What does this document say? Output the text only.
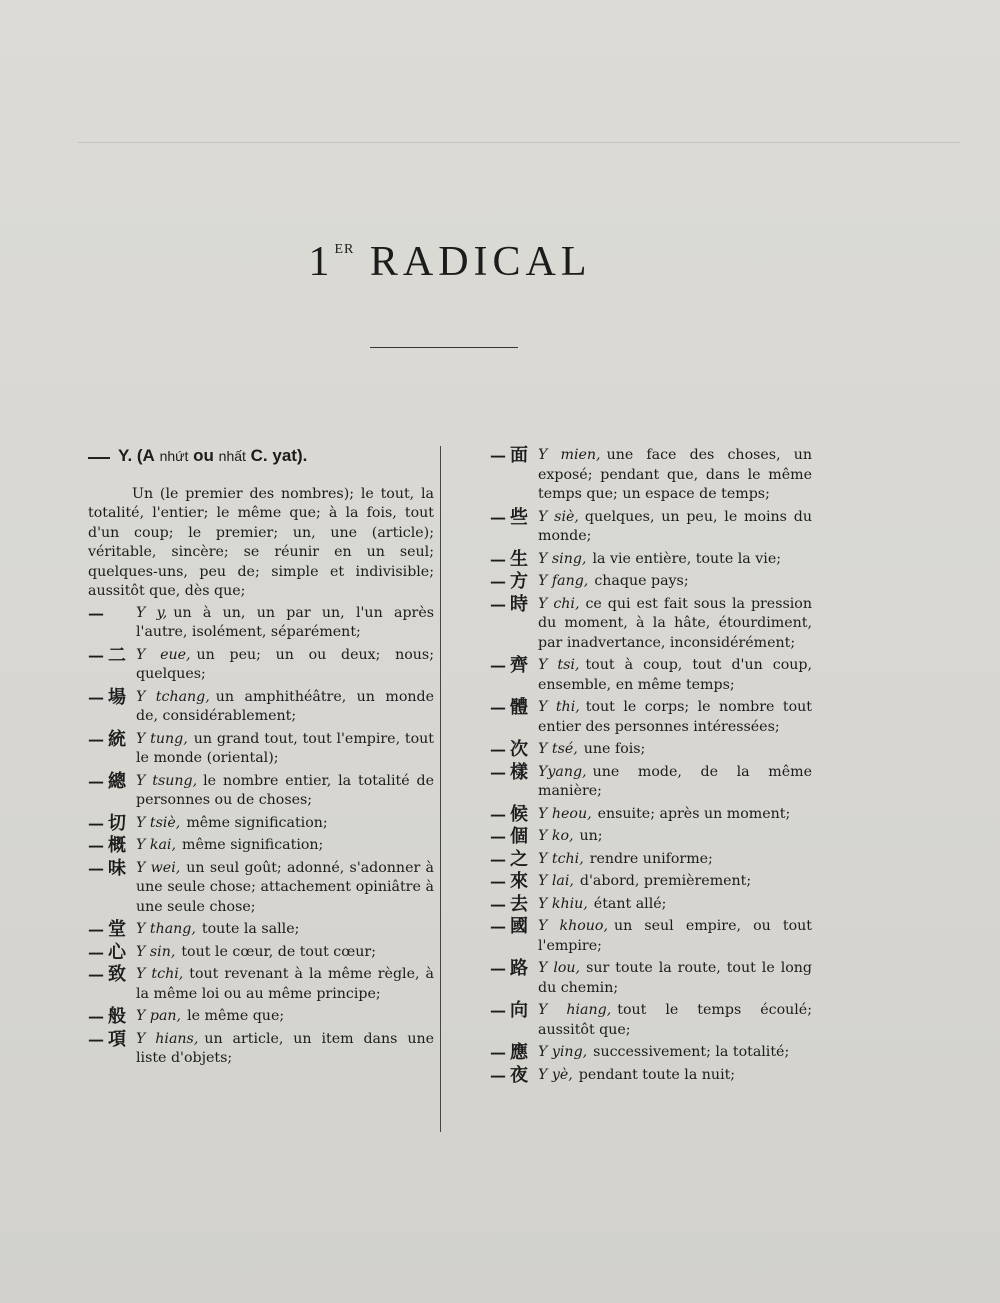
1ER RADICAL
Y. (A
nhứt
ou
nhất
C. yat).

Un (le premier des nombres); le tout, la totalité, l'entier; le même que; à la fois, tout d'un coup; le premier; un, une (article); véritable, sincère; se réunir en un seul; quelques-uns, peu de; simple et indivisible; aussitôt que, dès que;

— Y y, un à un, un par un, l'un après l'autre, isolément, séparément;
— 二 Y eue, un peu; un ou deux; nous; quelques;
— 場 Y tchang, un amphithéâtre, un monde de, considérablement;
— 統 Y tung, un grand tout, tout l'empire, tout le monde (oriental);
— 總 Y tsung, le nombre entier, la totalité de personnes ou de choses;
— 切 Y tsiè, même signification;
— 概 Y kai, même signification;
— 味 Y wei, un seul goût; adonné, s'adonner à une seule chose; attachement opiniâtre à une seule chose;
— 堂 Y thang, toute la salle;
— 心 Y sin, tout le cœur, de tout cœur;
— 致 Y tchi, tout revenant à la même règle, à la même loi ou au même principe;
— 般 Y pan, le même que;
— 項 Y hians, un article, un item dans une liste d'objets;
— 面 Y mien, une face des choses, un exposé; pendant que, dans le même temps que; un espace de temps;
— 些 Y siè, quelques, un peu, le moins du monde;
— 生 Y sing, la vie entière, toute la vie;
— 方 Y fang, chaque pays;
— 時 Y chi, ce qui est fait sous la pression du moment, à la hâte, étourdiment, par inadvertance, inconsidérément;
— 齊 Y tsi, tout à coup, tout d'un coup, ensemble, en même temps;
— 體 Y thi, tout le corps; le nombre tout entier des personnes intéressées;
— 次 Y tsé, une fois;
— 樣 Yyang, une mode, de la même manière;
— 候 Y heou, ensuite; après un moment;
— 個 Y ko, un;
— 之 Y tchi, rendre uniforme;
— 來 Y lai, d'abord, premièrement;
— 去 Y khiu, étant allé;
— 國 Y khouo, un seul empire, ou tout l'empire;
— 路 Y lou, sur toute la route, tout le long du chemin;
— 向 Y hiang, tout le temps écoulé; aussitôt que;
— 應 Y ying, successivement; la totalité;
— 夜 Y yè, pendant toute la nuit;
